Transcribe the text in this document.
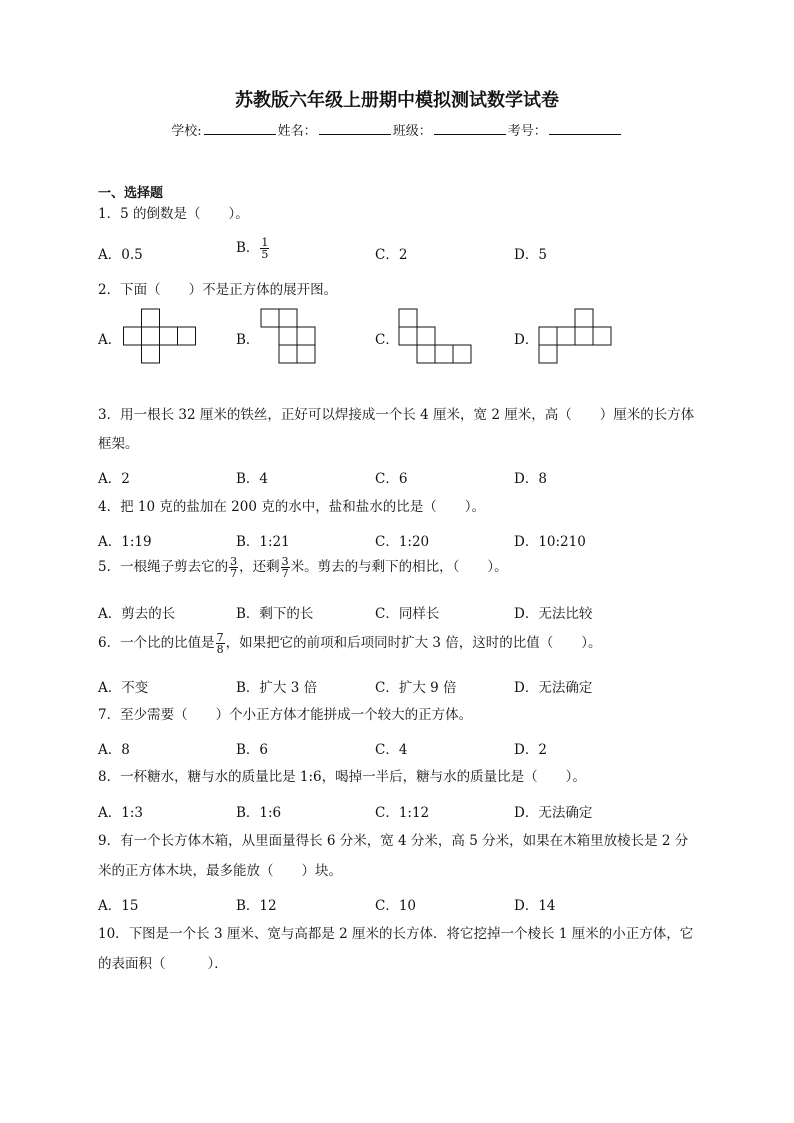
苏教版六年级上册期中模拟测试数学试卷
学校:	姓名：	班级：	考号：
一、选择题
1．5 的倒数是（ ）。
A．0.5	B． $\frac{1}{5}$	C．2	D．5
2．下面（ ）不是正方体的展开图。
A．	B．	C．	D．
3．用一根长 32 厘米的铁丝，正好可以焊接成一个长 4 厘米，宽 2 厘米，高（ ）厘米的长方体
框架。
A．2	B．4	C．6	D．8
4．把 10 克的盐加在 200 克的水中，盐和盐水的比是（ ）。
A．1:19	B．1:21	C．1:20	D．10:210
5．一根绳子剪去它的 $\frac{3}{7}$ ，还剩 $\frac{3}{7}$ 米。剪去的与剩下的相比，（ ）。
A．剪去的长	B．剩下的长	C．同样长	D．无法比较
6．一个比的比值是 $\frac{7}{8}$ ，如果把它的前项和后项同时扩大 3 倍，这时的比值（ ）。
A．不变	B．扩大 3 倍	C．扩大 9 倍	D．无法确定
7．至少需要（ ）个小正方体才能拼成一个较大的正方体。
A．8	B．6	C．4	D．2
8．一杯糖水，糖与水的质量比是 1:6，喝掉一半后，糖与水的质量比是（ ）。
A．1:3	B．1:6	C．1:12	D．无法确定
9．有一个长方体木箱，从里面量得长 6 分米，宽 4 分米，高 5 分米，如果在木箱里放棱长是 2 分
米的正方体木块，最多能放（ ）块。
A．15	B．12	C．10	D．14
10．下图是一个长 3 厘米、宽与高都是 2 厘米的长方体．将它挖掉一个棱长 1 厘米的小正方体，它
的表面积（	）．
